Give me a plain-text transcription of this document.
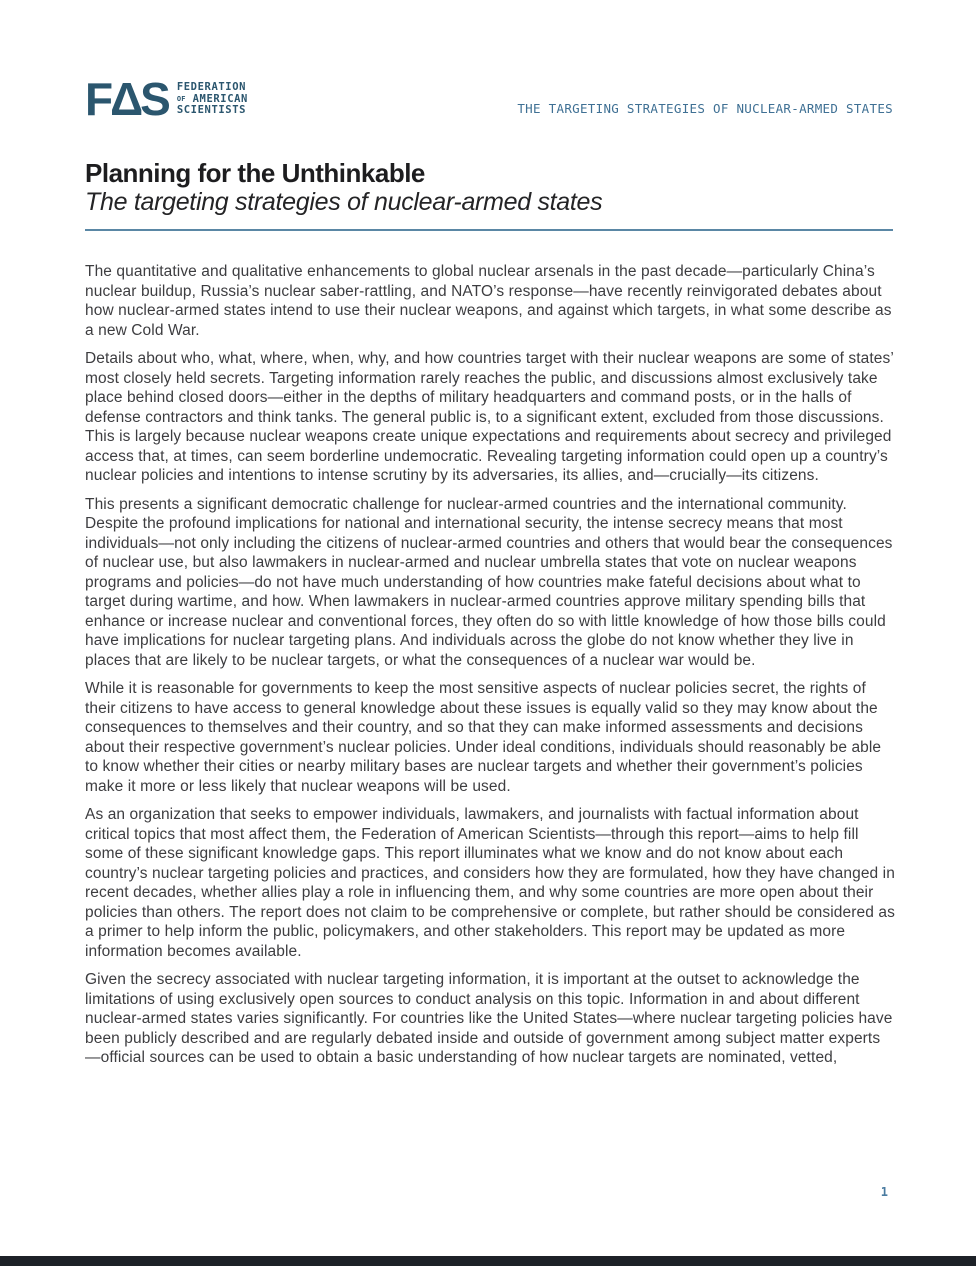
FΔS FEDERATION
OF AMERICAN
SCIENTISTS	THE TARGETING STRATEGIES OF NUCLEAR-ARMED STATES
Planning for the Unthinkable
The targeting strategies of nuclear-armed states

The quantitative and qualitative enhancements to global nuclear arsenals in the past decade—particularly China’s nuclear buildup, Russia’s nuclear saber-rattling, and NATO’s response—have recently reinvigorated debates about how nuclear-armed states intend to use their nuclear weapons, and against which targets, in what some describe as a new Cold War.

Details about who, what, where, when, why, and how countries target with their nuclear weapons are some of states’ most closely held secrets. Targeting information rarely reaches the public, and discussions almost exclusively take place behind closed doors—either in the depths of military headquarters and command posts, or in the halls of defense contractors and think tanks. The general public is, to a significant extent, excluded from those discussions. This is largely because nuclear weapons create unique expectations and requirements about secrecy and privileged access that, at times, can seem borderline undemocratic. Revealing targeting information could open up a country’s nuclear policies and intentions to intense scrutiny by its adversaries, its allies, and—crucially—its citizens.

This presents a significant democratic challenge for nuclear-armed countries and the international community. Despite the profound implications for national and international security, the intense secrecy means that most individuals—not only including the citizens of nuclear-armed countries and others that would bear the consequences of nuclear use, but also lawmakers in nuclear-armed and nuclear umbrella states that vote on nuclear weapons programs and policies—do not have much understanding of how countries make fateful decisions about what to target during wartime, and how. When lawmakers in nuclear-armed countries approve military spending bills that enhance or increase nuclear and conventional forces, they often do so with little knowledge of how those bills could have implications for nuclear targeting plans. And individuals across the globe do not know whether they live in places that are likely to be nuclear targets, or what the consequences of a nuclear war would be.

While it is reasonable for governments to keep the most sensitive aspects of nuclear policies secret, the rights of their citizens to have access to general knowledge about these issues is equally valid so they may know about the consequences to themselves and their country, and so that they can make informed assessments and decisions about their respective government’s nuclear policies. Under ideal conditions, individuals should reasonably be able to know whether their cities or nearby military bases are nuclear targets and whether their government’s policies make it more or less likely that nuclear weapons will be used.

As an organization that seeks to empower individuals, lawmakers, and journalists with factual information about critical topics that most affect them, the Federation of American Scientists—through this report—aims to help fill some of these significant knowledge gaps. This report illuminates what we know and do not know about each country’s nuclear targeting policies and practices, and considers how they are formulated, how they have changed in recent decades, whether allies play a role in influencing them, and why some countries are more open about their policies than others. The report does not claim to be comprehensive or complete, but rather should be considered as a primer to help inform the public, policymakers, and other stakeholders. This report may be updated as more information becomes available.

Given the secrecy associated with nuclear targeting information, it is important at the outset to acknowledge the limitations of using exclusively open sources to conduct analysis on this topic. Information in and about different nuclear-armed states varies significantly. For countries like the United States—where nuclear targeting policies have been publicly described and are regularly debated inside and outside of government among subject matter experts—official sources can be used to obtain a basic understanding of how nuclear targets are nominated, vetted,

1
